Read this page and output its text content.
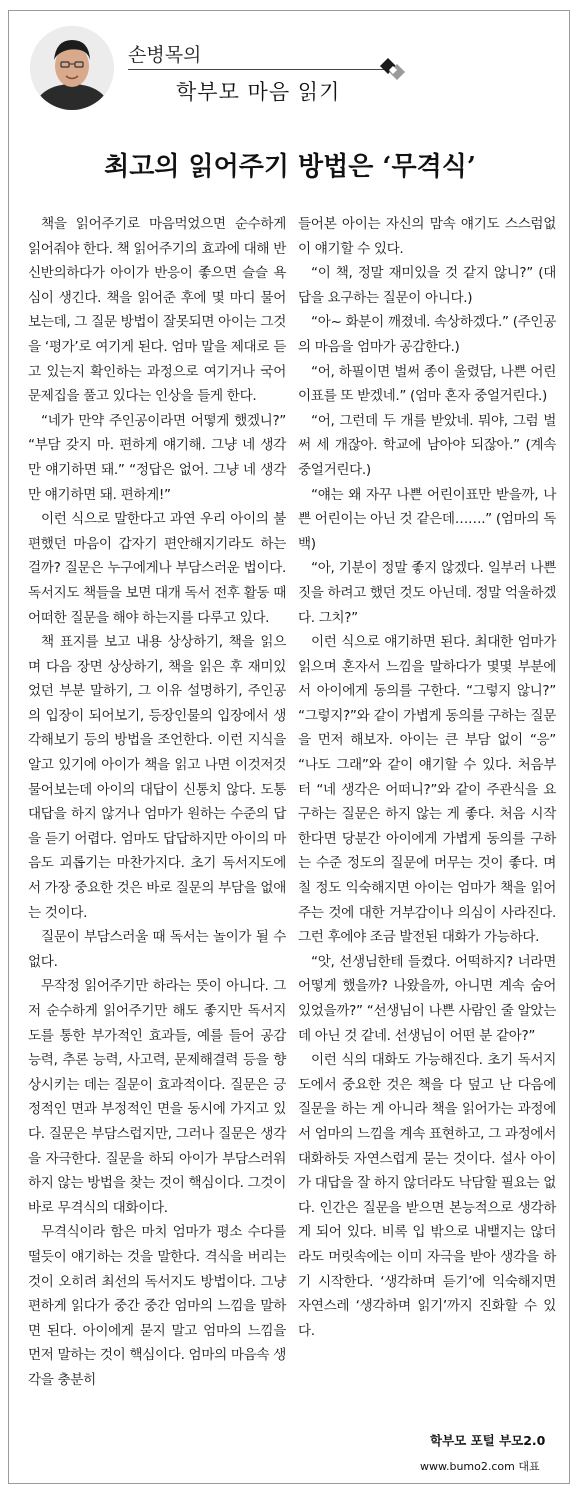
손병목의
학부모 마음 읽기
최고의 읽어주기 방법은 ‘무격식’

책을 읽어주기로 마음먹었으면 순수하게 읽어줘야 한다. 책 읽어주기의 효과에 대해 반신반의하다가 아이가 반응이 좋으면 슬슬 욕심이 생긴다. 책을 읽어준 후에 몇 마디 물어보는데, 그 질문 방법이 잘못되면 아이는 그것을 ‘평가’로 여기게 된다. 엄마 말을 제대로 듣고 있는지 확인하는 과정으로 여기거나 국어 문제집을 풀고 있다는 인상을 들게 한다.

“네가 만약 주인공이라면 어떻게 했겠니?” “부담 갖지 마. 편하게 얘기해. 그냥 네 생각만 얘기하면 돼.” “정답은 없어. 그냥 네 생각만 얘기하면 돼. 편하게!”

이런 식으로 말한다고 과연 우리 아이의 불편했던 마음이 갑자기 편안해지기라도 하는 걸까? 질문은 누구에게나 부담스러운 법이다. 독서지도 책들을 보면 대개 독서 전후 활동 때 어떠한 질문을 해야 하는지를 다루고 있다.

책 표지를 보고 내용 상상하기, 책을 읽으며 다음 장면 상상하기, 책을 읽은 후 재미있었던 부분 말하기, 그 이유 설명하기, 주인공의 입장이 되어보기, 등장인물의 입장에서 생각해보기 등의 방법을 조언한다. 이런 지식을 알고 있기에 아이가 책을 읽고 나면 이것저것 물어보는데 아이의 대답이 신통치 않다. 도통 대답을 하지 않거나 엄마가 원하는 수준의 답을 듣기 어렵다. 엄마도 답답하지만 아이의 마음도 괴롭기는 마찬가지다. 초기 독서지도에서 가장 중요한 것은 바로 질문의 부담을 없애는 것이다.

질문이 부담스러울 때 독서는 놀이가 될 수 없다.

무작정 읽어주기만 하라는 뜻이 아니다. 그저 순수하게 읽어주기만 해도 좋지만 독서지도를 통한 부가적인 효과들, 예를 들어 공감 능력, 추론 능력, 사고력, 문제해결력 등을 향상시키는 데는 질문이 효과적이다. 질문은 긍정적인 면과 부정적인 면을 동시에 가지고 있다. 질문은 부담스럽지만, 그러나 질문은 생각을 자극한다. 질문을 하되 아이가 부담스러워하지 않는 방법을 찾는 것이 핵심이다. 그것이 바로 무격식의 대화이다.

무격식이라 함은 마치 엄마가 평소 수다를 떨듯이 얘기하는 것을 말한다. 격식을 버리는 것이 오히려 최선의 독서지도 방법이다. 그냥 편하게 읽다가 중간 중간 엄마의 느낌을 말하면 된다. 아이에게 묻지 말고 엄마의 느낌을 먼저 말하는 것이 핵심이다. 엄마의 마음속 생각을 충분히

들어본 아이는 자신의 맘속 얘기도 스스럼없이 얘기할 수 있다.

“이 책, 정말 재미있을 것 같지 않니?” (대답을 요구하는 질문이 아니다.)

“아~ 화분이 깨졌네. 속상하겠다.” (주인공의 마음을 엄마가 공감한다.)

“어, 하필이면 벌써 종이 울렸담, 나쁜 어린이표를 또 받겠네.” (엄마 혼자 중얼거린다.)

“어, 그런데 두 개를 받았네. 뭐야, 그럼 벌써 세 개잖아. 학교에 남아야 되잖아.” (계속 중얼거린다.)

“얘는 왜 자꾸 나쁜 어린이표만 받을까, 나쁜 어린이는 아닌 것 같은데…….” (엄마의 독백)

“아, 기분이 정말 좋지 않겠다. 일부러 나쁜 짓을 하려고 했던 것도 아닌데. 정말 억울하겠다. 그치?”

이런 식으로 얘기하면 된다. 최대한 엄마가 읽으며 혼자서 느낌을 말하다가 몇몇 부분에서 아이에게 동의를 구한다. “그렇지 않니?” “그렇지?”와 같이 가볍게 동의를 구하는 질문을 먼저 해보자. 아이는 큰 부담 없이 “응” “나도 그래”와 같이 얘기할 수 있다. 처음부터 “네 생각은 어떠니?”와 같이 주관식을 요구하는 질문은 하지 않는 게 좋다. 처음 시작한다면 당분간 아이에게 가볍게 동의를 구하는 수준 정도의 질문에 머무는 것이 좋다. 며칠 정도 익숙해지면 아이는 엄마가 책을 읽어주는 것에 대한 거부감이나 의심이 사라진다. 그런 후에야 조금 발전된 대화가 가능하다.

“앗, 선생님한테 들켰다. 어떡하지? 너라면 어떻게 했을까? 나왔을까, 아니면 계속 숨어 있었을까?” “선생님이 나쁜 사람인 줄 알았는데 아닌 것 같네. 선생님이 어떤 분 같아?”

이런 식의 대화도 가능해진다. 초기 독서지도에서 중요한 것은 책을 다 덮고 난 다음에 질문을 하는 게 아니라 책을 읽어가는 과정에서 엄마의 느낌을 계속 표현하고, 그 과정에서 대화하듯 자연스럽게 묻는 것이다. 설사 아이가 대답을 잘 하지 않더라도 낙담할 필요는 없다. 인간은 질문을 받으면 본능적으로 생각하게 되어 있다. 비록 입 밖으로 내뱉지는 않더라도 머릿속에는 이미 자극을 받아 생각을 하기 시작한다. ‘생각하며 듣기’에 익숙해지면 자연스레 ‘생각하며 읽기’까지 진화할 수 있다.

학부모 포털 부모2.0
www.bumo2.com 대표
